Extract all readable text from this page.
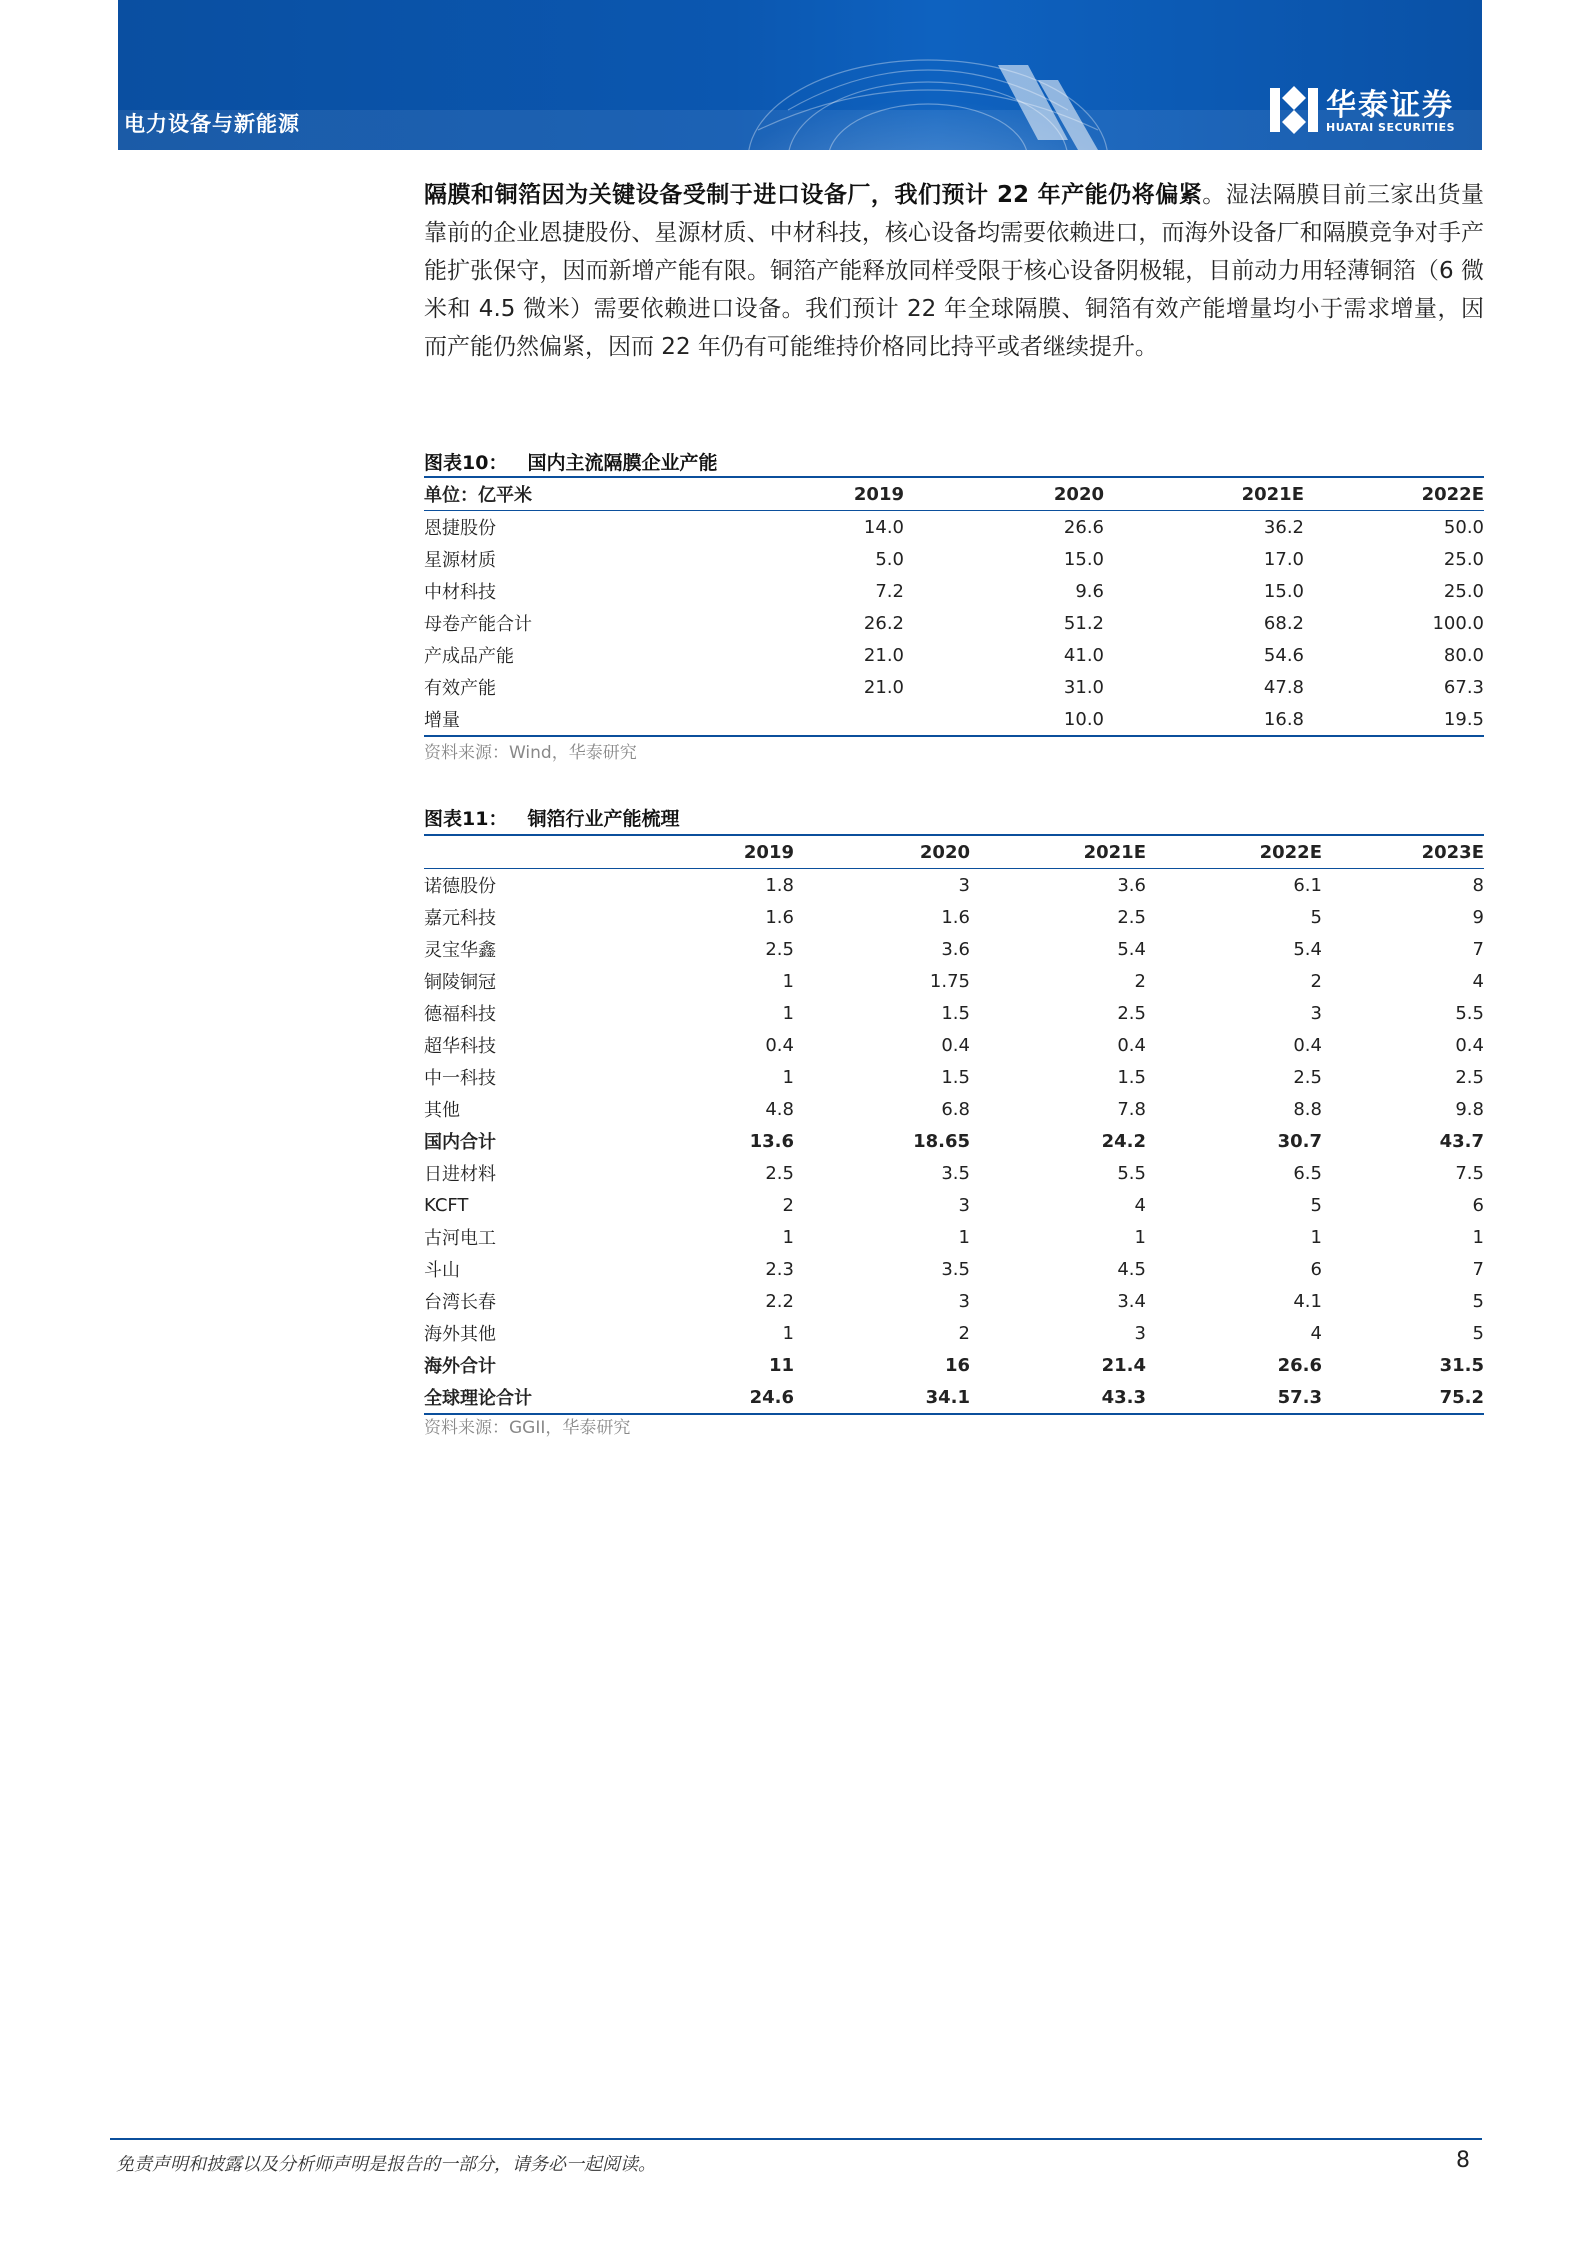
电力设备与新能源
华泰证券
HUATAI SECURITIES
隔膜和铜箔因为关键设备受制于进口设备厂，我们预计 22 年产能仍将偏紧。湿法隔膜目前三家出货量靠前的企业恩捷股份、星源材质、中材科技，核心设备均需要依赖进口，而海外设备厂和隔膜竞争对手产能扩张保守，因而新增产能有限。铜箔产能释放同样受限于核心设备阴极辊，目前动力用轻薄铜箔（6 微米和 4.5 微米）需要依赖进口设备。我们预计 22 年全球隔膜、铜箔有效产能增量均小于需求增量，因而产能仍然偏紧，因而 22 年仍有可能维持价格同比持平或者继续提升。
图表10： 国内主流隔膜企业产能
单位：亿平米	2019	2020	2021E	2022E
恩捷股份	14.0	26.6	36.2	50.0
星源材质	5.0	15.0	17.0	25.0
中材科技	7.2	9.6	15.0	25.0
母卷产能合计	26.2	51.2	68.2	100.0
产成品产能	21.0	41.0	54.6	80.0
有效产能	21.0	31.0	47.8	67.3
增量		10.0	16.8	19.5
资料来源：Wind，华泰研究
图表11： 铜箔行业产能梳理
	2019	2020	2021E	2022E	2023E
诺德股份	1.8	3	3.6	6.1	8
嘉元科技	1.6	1.6	2.5	5	9
灵宝华鑫	2.5	3.6	5.4	5.4	7
铜陵铜冠	1	1.75	2	2	4
德福科技	1	1.5	2.5	3	5.5
超华科技	0.4	0.4	0.4	0.4	0.4
中一科技	1	1.5	1.5	2.5	2.5
其他	4.8	6.8	7.8	8.8	9.8
国内合计	13.6	18.65	24.2	30.7	43.7
日进材料	2.5	3.5	5.5	6.5	7.5
KCFT	2	3	4	5	6
古河电工	1	1	1	1	1
斗山	2.3	3.5	4.5	6	7
台湾长春	2.2	3	3.4	4.1	5
海外其他	1	2	3	4	5
海外合计	11	16	21.4	26.6	31.5
全球理论合计	24.6	34.1	43.3	57.3	75.2
资料来源：GGII，华泰研究
免责声明和披露以及分析师声明是报告的一部分，请务必一起阅读。	8
